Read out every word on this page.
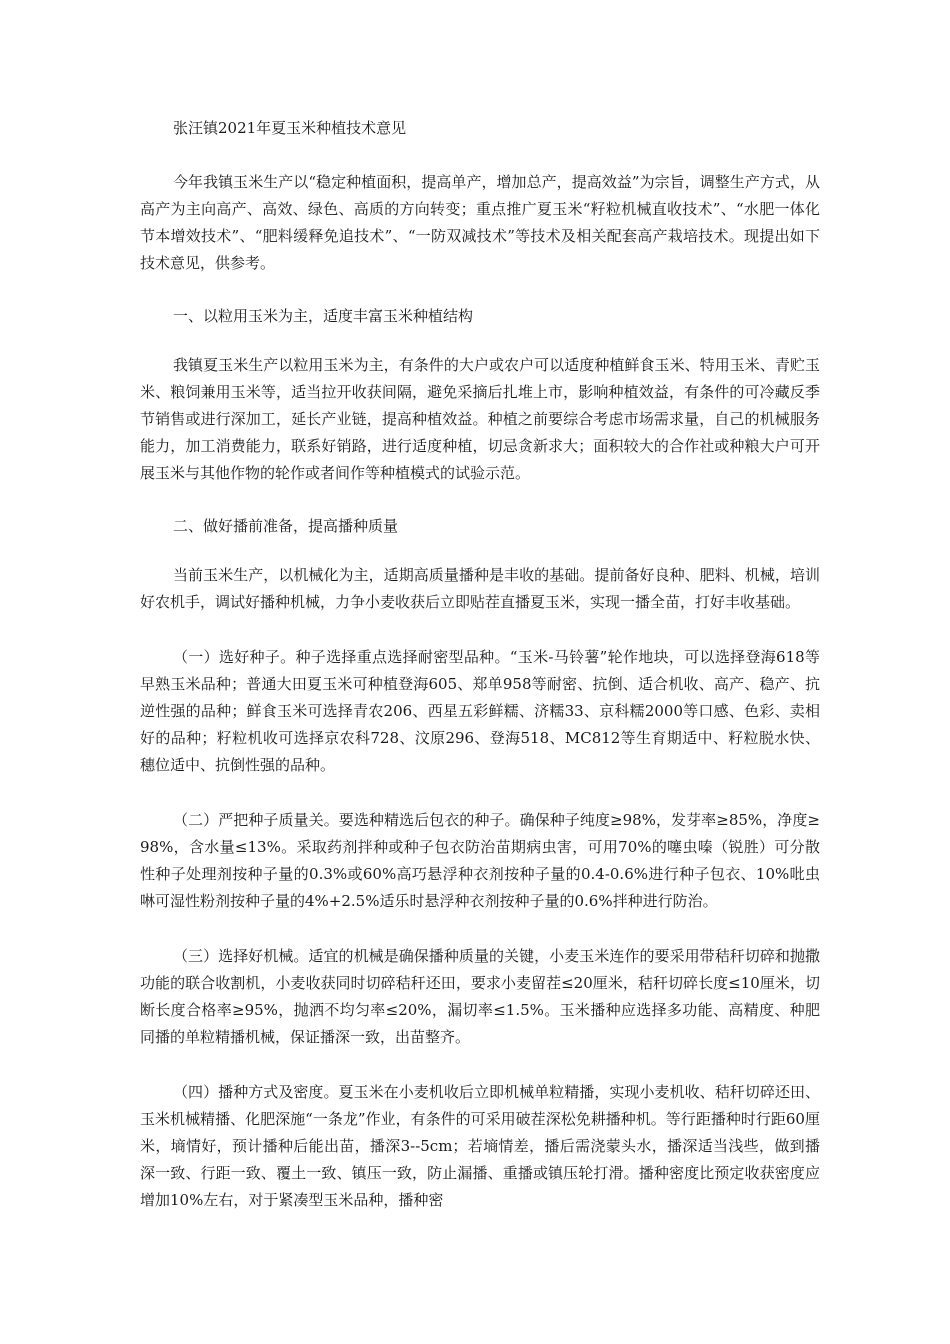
张汪镇2021年夏玉米种植技术意见

今年我镇玉米生产以“稳定种植面积，提高单产，增加总产，提高效益”为宗旨，调整生产方式，从高产为主向高产、高效、绿色、高质的方向转变；重点推广夏玉米“籽粒机械直收技术”、“水肥一体化节本增效技术”、“肥料缓释免追技术”、“一防双减技术”等技术及相关配套高产栽培技术。现提出如下技术意见，供参考。

一、以粒用玉米为主，适度丰富玉米种植结构

我镇夏玉米生产以粒用玉米为主，有条件的大户或农户可以适度种植鲜食玉米、特用玉米、青贮玉米、粮饲兼用玉米等，适当拉开收获间隔，避免采摘后扎堆上市，影响种植效益，有条件的可冷藏反季节销售或进行深加工，延长产业链，提高种植效益。种植之前要综合考虑市场需求量，自己的机械服务能力，加工消费能力，联系好销路，进行适度种植，切忌贪新求大；面积较大的合作社或种粮大户可开展玉米与其他作物的轮作或者间作等种植模式的试验示范。

二、做好播前准备，提高播种质量

当前玉米生产，以机械化为主，适期高质量播种是丰收的基础。提前备好良种、肥料、机械，培训好农机手，调试好播种机械，力争小麦收获后立即贴茬直播夏玉米，实现一播全苗，打好丰收基础。

（一）选好种子。种子选择重点选择耐密型品种。“玉米-马铃薯”轮作地块，可以选择登海618等早熟玉米品种；普通大田夏玉米可种植登海605、郑单958等耐密、抗倒、适合机收、高产、稳产、抗逆性强的品种；鲜食玉米可选择青农206、西星五彩鲜糯、济糯33、京科糯2000等口感、色彩、卖相好的品种；籽粒机收可选择京农科728、汶原296、登海518、MC812等生育期适中、籽粒脱水快、穗位适中、抗倒性强的品种。

（二）严把种子质量关。要选种精选后包衣的种子。确保种子纯度≥98%，发芽率≥85%，净度≥98%，含水量≤13%。采取药剂拌种或种子包衣防治苗期病虫害，可用70%的噻虫嗪（锐胜）可分散性种子处理剂按种子量的0.3%或60%高巧悬浮种衣剂按种子量的0.4-0.6%进行种子包衣、10%吡虫啉可湿性粉剂按种子量的4%+2.5%适乐时悬浮种衣剂按种子量的0.6%拌种进行防治。

（三）选择好机械。适宜的机械是确保播种质量的关键，小麦玉米连作的要采用带秸秆切碎和抛撒功能的联合收割机，小麦收获同时切碎秸秆还田，要求小麦留茬≤20厘米，秸秆切碎长度≤10厘米，切断长度合格率≥95%，抛洒不均匀率≤20%，漏切率≤1.5%。玉米播种应选择多功能、高精度、种肥同播的单粒精播机械，保证播深一致，出苗整齐。

（四）播种方式及密度。夏玉米在小麦机收后立即机械单粒精播，实现小麦机收、秸秆切碎还田、玉米机械精播、化肥深施“一条龙”作业，有条件的可采用破茬深松免耕播种机。等行距播种时行距60厘米，墒情好，预计播种后能出苗，播深3--5cm；若墒情差，播后需浇蒙头水，播深适当浅些，做到播深一致、行距一致、覆土一致、镇压一致，防止漏播、重播或镇压轮打滑。播种密度比预定收获密度应增加10%左右，对于紧凑型玉米品种，播种密
